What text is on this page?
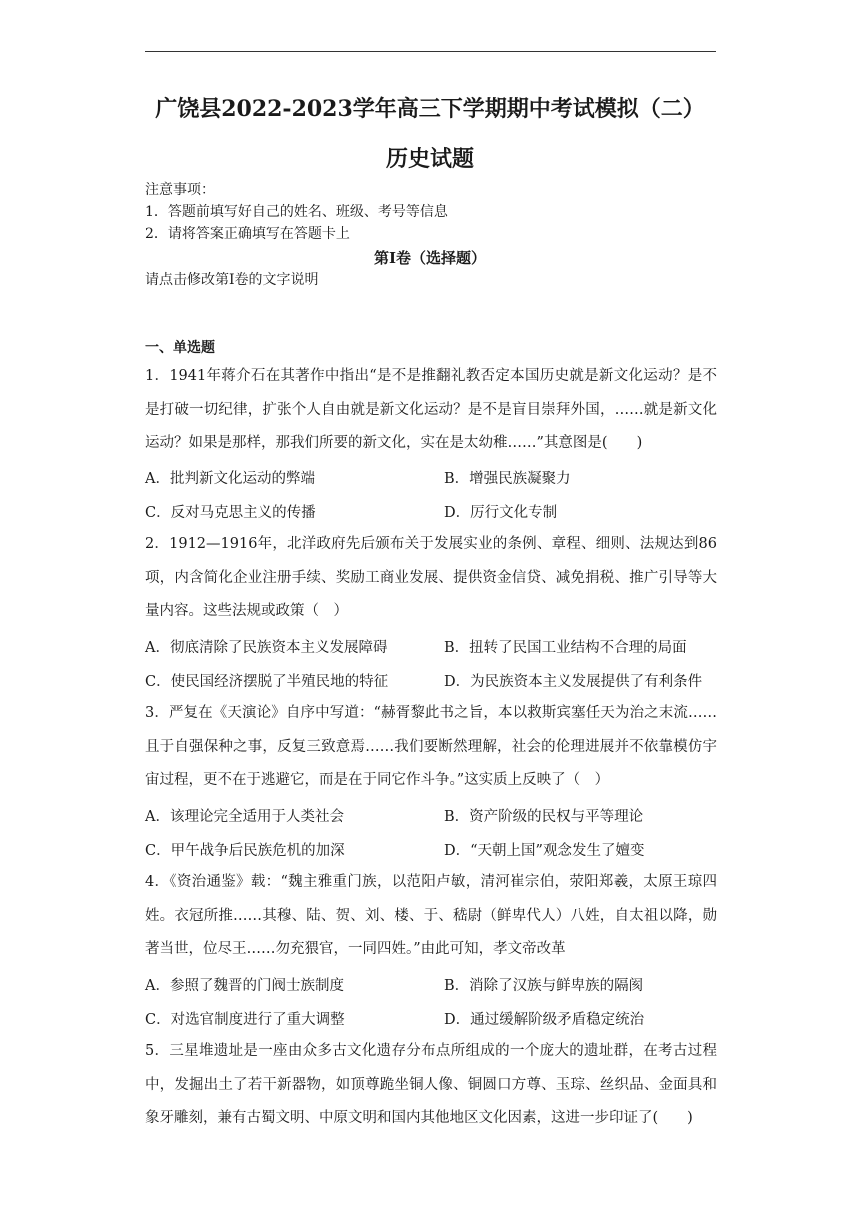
广饶县2022-2023学年高三下学期期中考试模拟（二）
历史试题
注意事项：
1．答题前填写好自己的姓名、班级、考号等信息
2．请将答案正确填写在答题卡上
第I卷（选择题）
请点击修改第I卷的文字说明
一、单选题
1．1941年蒋介石在其著作中指出“是不是推翻礼教否定本国历史就是新文化运动？是不是打破一切纪律，扩张个人自由就是新文化运动？是不是盲目崇拜外国，……就是新文化运动？如果是那样，那我们所要的新文化，实在是太幼稚……”其意图是(　　)
A．批判新文化运动的弊端	B．增强民族凝聚力
C．反对马克思主义的传播	D．厉行文化专制
2．1912—1916年，北洋政府先后颁布关于发展实业的条例、章程、细则、法规达到86项，内含简化企业注册手续、奖励工商业发展、提供资金信贷、减免捐税、推广引导等大量内容。这些法规或政策（　）
A．彻底清除了民族资本主义发展障碍	B．扭转了民国工业结构不合理的局面
C．使民国经济摆脱了半殖民地的特征	D．为民族资本主义发展提供了有利条件
3．严复在《天演论》自序中写道：“赫胥黎此书之旨，本以救斯宾塞任天为治之末流……且于自强保种之事，反复三致意焉……我们要断然理解，社会的伦理进展并不依靠模仿宇宙过程，更不在于逃避它，而是在于同它作斗争。”这实质上反映了（　）
A．该理论完全适用于人类社会	B．资产阶级的民权与平等理论
C．甲午战争后民族危机的加深	D．“天朝上国”观念发生了嬗变
4．《资治通鉴》载：“魏主雅重门族，以范阳卢敏，清河崔宗伯，荥阳郑羲，太原王琼四姓。衣冠所推……其穆、陆、贺、刘、楼、于、嵇尉（鲜卑代人）八姓，自太祖以降，勋著当世，位尽王……勿充猥官，一同四姓。”由此可知，孝文帝改革
A．参照了魏晋的门阀士族制度	B．消除了汉族与鲜卑族的隔阂
C．对选官制度进行了重大调整	D．通过缓解阶级矛盾稳定统治
5．三星堆遗址是一座由众多古文化遗存分布点所组成的一个庞大的遗址群，在考古过程中，发掘出土了若干新器物，如顶尊跪坐铜人像、铜圆口方尊、玉琮、丝织品、金面具和象牙雕刻，兼有古蜀文明、中原文明和国内其他地区文化因素，这进一步印证了(　　)
